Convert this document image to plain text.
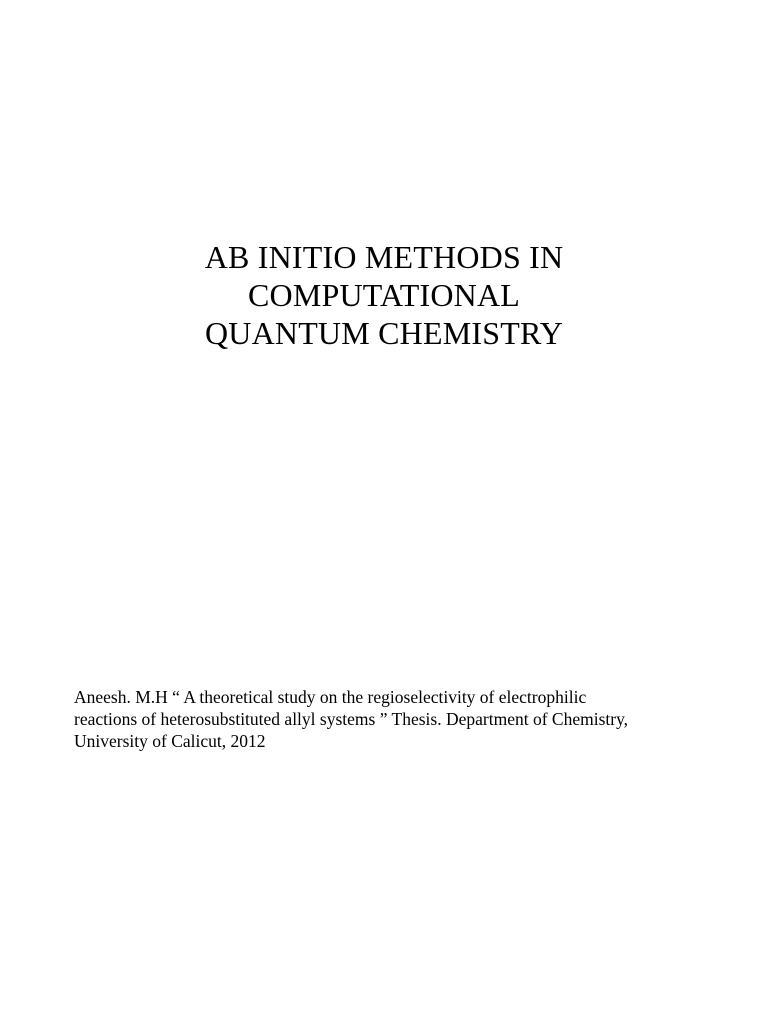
AB INITIO METHODS IN
COMPUTATIONAL
QUANTUM CHEMISTRY
Aneesh. M.H “ A theoretical study on the regioselectivity of electrophilic
reactions of heterosubstituted allyl systems ” Thesis. Department of Chemistry,
University of Calicut, 2012
